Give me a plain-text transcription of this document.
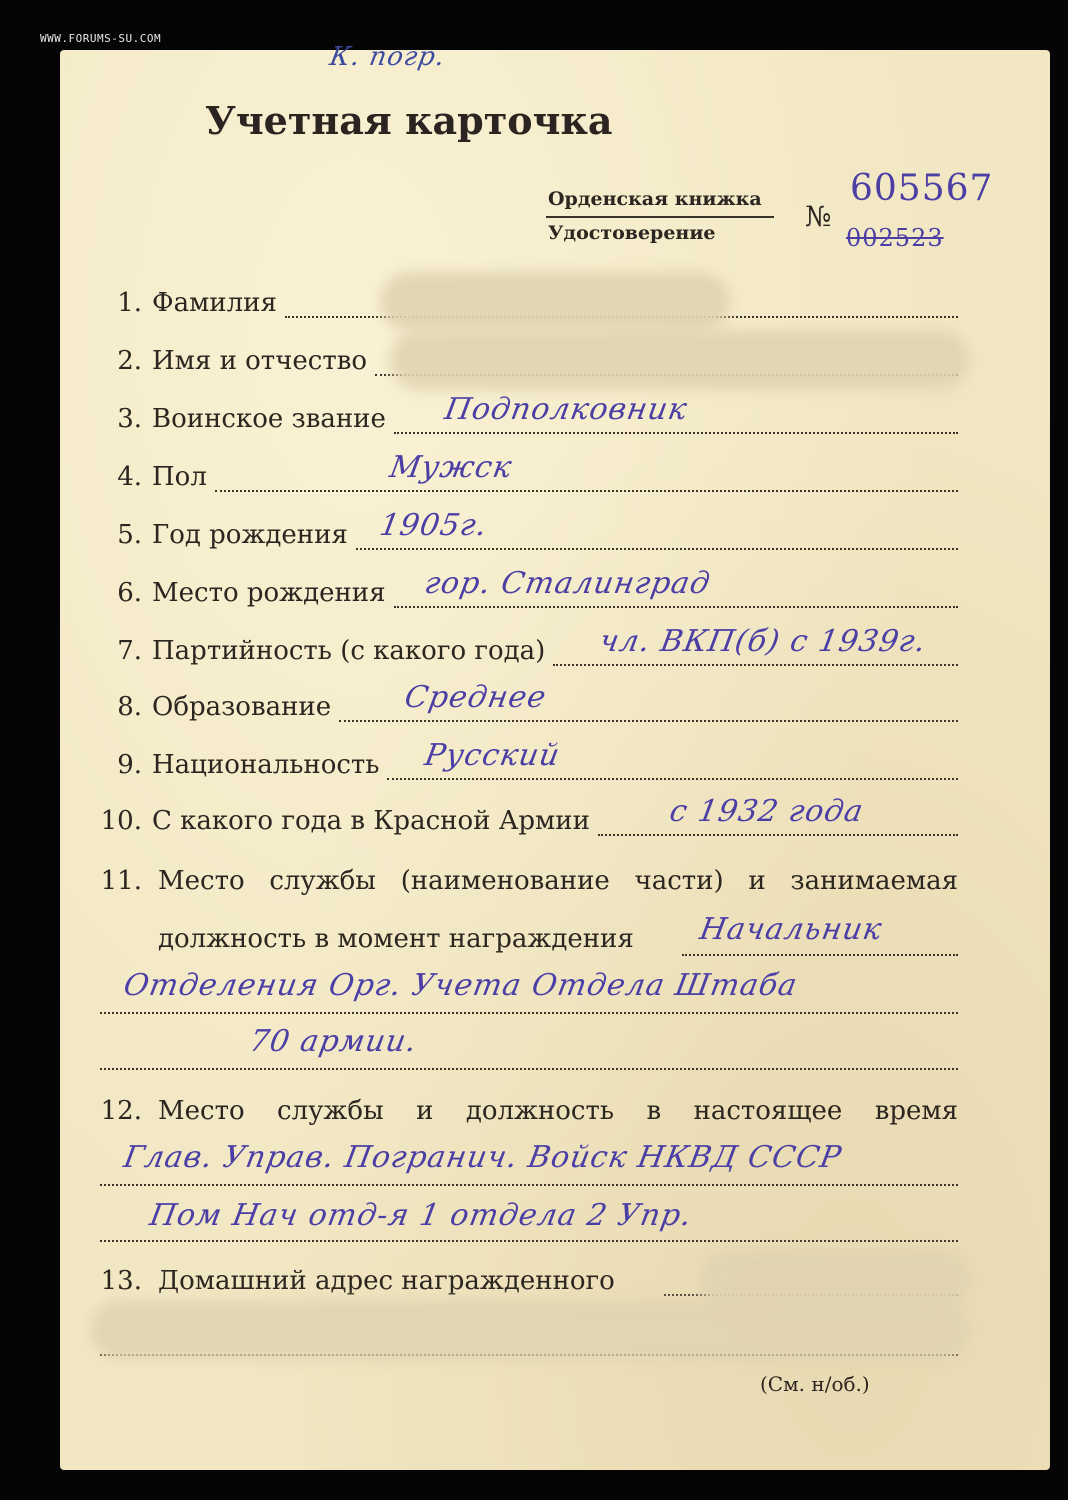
WWW.FORUMS-SU.COM
К. погр.
Учетная карточка
Орденская книжка
Удостоверение	№
605567
002523
1. Фамилия
2. Имя и отчество
3. Воинское звание Подполковник
4. Пол	Мужск
5. Год рождения 1905г.
6. Место рождения гор. Сталинград
7. Партийность (с какого года) чл. ВКП(б) с 1939г.
8. Образование Среднее
9. Национальность Русский
10. С какого года в Красной Армии	с 1932 года
11. Место службы (наименование части) и занимаемая
должность в момент награждения Начальник
Отделения Орг. Учета Отдела Штаба
70 армии.
12. Место службы и должность в настоящее время
Глав. Управ. Погранич. Войск НКВД СССР
Пом Нач отд-я 1 отдела 2 Упр.
13. Домашний адрес награжденного
(См. н/об.)
